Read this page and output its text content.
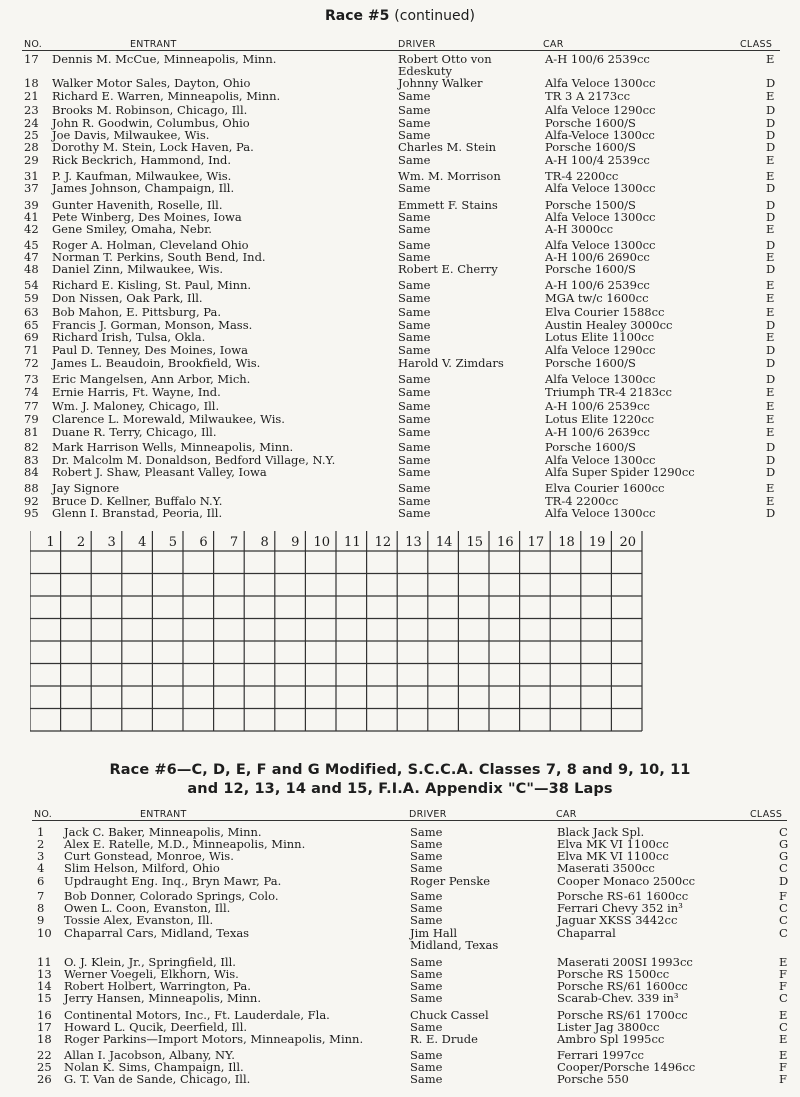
Race #5 (continued)
NO.	ENTRANT	DRIVER	CAR	CLASS
17 Dennis M. McCue, Minneapolis, Minn.	Robert Otto von	A-H 100/6 2539cc	E
Edeskuty
18 Walker Motor Sales, Dayton, Ohio	Johnny Walker	Alfa Veloce 1300cc	D
21 Richard E. Warren, Minneapolis, Minn.	Same	TR 3 A 2173cc	E
23 Brooks M. Robinson, Chicago, Ill.	Same	Alfa Veloce 1290cc	D
24 John R. Goodwin, Columbus, Ohio	Same	Porsche 1600/S	D
25 Joe Davis, Milwaukee, Wis.	Same	Alfa-Veloce 1300cc	D
28 Dorothy M. Stein, Lock Haven, Pa.	Charles M. Stein	Porsche 1600/S	D
29 Rick Beckrich, Hammond, Ind.	Same	A-H 100/4 2539cc	E
31 P. J. Kaufman, Milwaukee, Wis.	Wm. M. Morrison	TR-4 2200cc	E
37 James Johnson, Champaign, Ill.	Same	Alfa Veloce 1300cc	D
39 Gunter Havenith, Roselle, Ill.	Emmett F. Stains	Porsche 1500/S	D
41 Pete Winberg, Des Moines, Iowa	Same	Alfa Veloce 1300cc	D
42 Gene Smiley, Omaha, Nebr.	Same	A-H 3000cc	E
45 Roger A. Holman, Cleveland Ohio	Same	Alfa Veloce 1300cc	D
47 Norman T. Perkins, South Bend, Ind.	Same	A-H 100/6 2690cc	E
48 Daniel Zinn, Milwaukee, Wis.	Robert E. Cherry	Porsche 1600/S	D
54 Richard E. Kisling, St. Paul, Minn.	Same	A-H 100/6 2539cc	E
59 Don Nissen, Oak Park, Ill.	Same	MGA tw/c 1600cc	E
63 Bob Mahon, E. Pittsburg, Pa.	Same	Elva Courier 1588cc	E
65 Francis J. Gorman, Monson, Mass.	Same	Austin Healey 3000cc	D
69 Richard Irish, Tulsa, Okla.	Same	Lotus Elite 1100cc	E
71 Paul D. Tenney, Des Moines, Iowa	Same	Alfa Veloce 1290cc	D
72 James L. Beaudoin, Brookfield, Wis.	Harold V. Zimdars	Porsche 1600/S	D
73 Eric Mangelsen, Ann Arbor, Mich.	Same	Alfa Veloce 1300cc	D
74 Ernie Harris, Ft. Wayne, Ind.	Same	Triumph TR-4 2183cc	E
77 Wm. J. Maloney, Chicago, Ill.	Same	A-H 100/6 2539cc	E
79 Clarence L. Morewald, Milwaukee, Wis.	Same	Lotus Elite 1220cc	E
81 Duane R. Terry, Chicago, Ill.	Same	A-H 100/6 2639cc	E
82 Mark Harrison Wells, Minneapolis, Minn.	Same	Porsche 1600/S	D
83 Dr. Malcolm M. Donaldson, Bedford Village, N.Y.	Same	Alfa Veloce 1300cc	D
84 Robert J. Shaw, Pleasant Valley, Iowa	Same	Alfa Super Spider 1290cc	D
88 Jay Signore	Same	Elva Courier 1600cc	E
92 Bruce D. Kellner, Buffalo N.Y.	Same	TR-4 2200cc	E
95 Glenn I. Branstad, Peoria, Ill.	Same	Alfa Veloce 1300cc	D
1 2 3 4 5 6 7 8 9 10 11 12 13 14 15 16 17 18 19 20
Race #6—C, D, E, F and G Modified, S.C.C.A. Classes 7, 8 and 9, 10, 11
and 12, 13, 14 and 15, F.I.A. Appendix "C"—38 Laps
NO.	ENTRANT	DRIVER	CAR	CLASS
1 Jack C. Baker, Minneapolis, Minn.	Same	Black Jack Spl.	C
2 Alex E. Ratelle, M.D., Minneapolis, Minn.	Same	Elva MK VI 1100cc	G
3 Curt Gonstead, Monroe, Wis.	Same	Elva MK VI 1100cc	G
4 Slim Helson, Milford, Ohio	Same	Maserati 3500cc	C
6 Updraught Eng. Inq., Bryn Mawr, Pa.	Roger Penske	Cooper Monaco 2500cc	D
7 Bob Donner, Colorado Springs, Colo.	Same	Porsche RS-61 1600cc	F
8 Owen L. Coon, Evanston, Ill.	Same	Ferrari Chevy 352 in³	C
9 Tossie Alex, Evanston, Ill.	Same	Jaguar XKSS 3442cc	C
10 Chaparral Cars, Midland, Texas	Jim Hall	Chaparral	C
Midland, Texas
11 O. J. Klein, Jr., Springfield, Ill.	Same	Maserati 200SI 1993cc	E
13 Werner Voegeli, Elkhorn, Wis.	Same	Porsche RS 1500cc	F
14 Robert Holbert, Warrington, Pa.	Same	Porsche RS/61 1600cc	F
15 Jerry Hansen, Minneapolis, Minn.	Same	Scarab-Chev. 339 in³	C
16 Continental Motors, Inc., Ft. Lauderdale, Fla.	Chuck Cassel	Porsche RS/61 1700cc	E
17 Howard L. Qucik, Deerfield, Ill.	Same	Lister Jag 3800cc	C
18 Roger Parkins—Import Motors, Minneapolis, Minn.	R. E. Drude	Ambro Spl 1995cc	E
22 Allan I. Jacobson, Albany, NY.	Same	Ferrari 1997cc	E
25 Nolan K. Sims, Champaign, Ill.	Same	Cooper/Porsche 1496cc	F
26 G. T. Van de Sande, Chicago, Ill.	Same	Porsche 550	F
